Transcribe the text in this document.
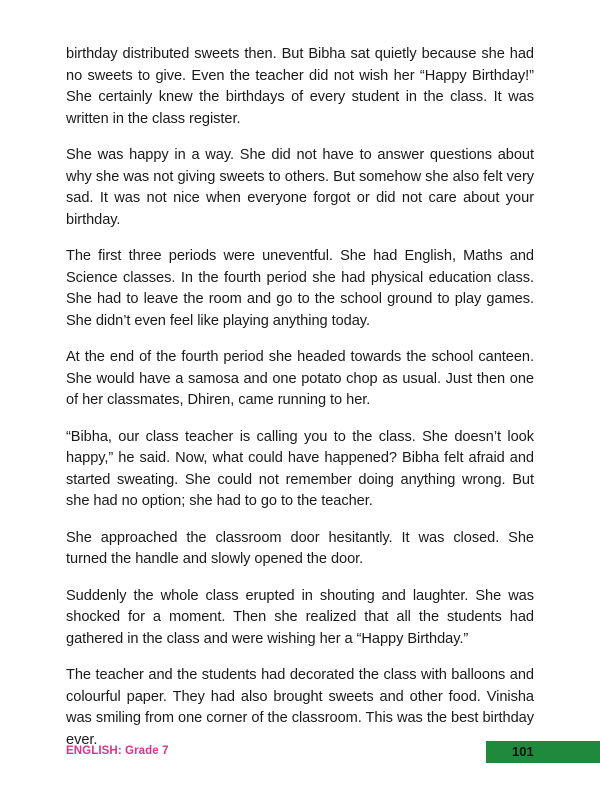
birthday distributed sweets then. But Bibha sat quietly because she had no sweets to give. Even the teacher did not wish her “Happy Birthday!” She certainly knew the birthdays of every student in the class. It was written in the class register.

She was happy in a way. She did not have to answer questions about why she was not giving sweets to others. But somehow she also felt very sad. It was not nice when everyone forgot or did not care about your birthday.

The first three periods were uneventful. She had English, Maths and Science classes. In the fourth period she had physical education class. She had to leave the room and go to the school ground to play games. She didn’t even feel like playing anything today.

At the end of the fourth period she headed towards the school canteen. She would have a samosa and one potato chop as usual. Just then one of her classmates, Dhiren, came running to her.

“Bibha, our class teacher is calling you to the class. She doesn’t look happy,” he said. Now, what could have happened? Bibha felt afraid and started sweating. She could not remember doing anything wrong. But she had no option; she had to go to the teacher.

She approached the classroom door hesitantly. It was closed. She turned the handle and slowly opened the door.

Suddenly the whole class erupted in shouting and laughter. She was shocked for a moment. Then she realized that all the students had gathered in the class and were wishing her a “Happy Birthday.”

The teacher and the students had decorated the class with balloons and colourful paper. They had also brought sweets and other food. Vinisha was smiling from one corner of the classroom. This was the best birthday ever.

ENGLISH: Grade 7	101
